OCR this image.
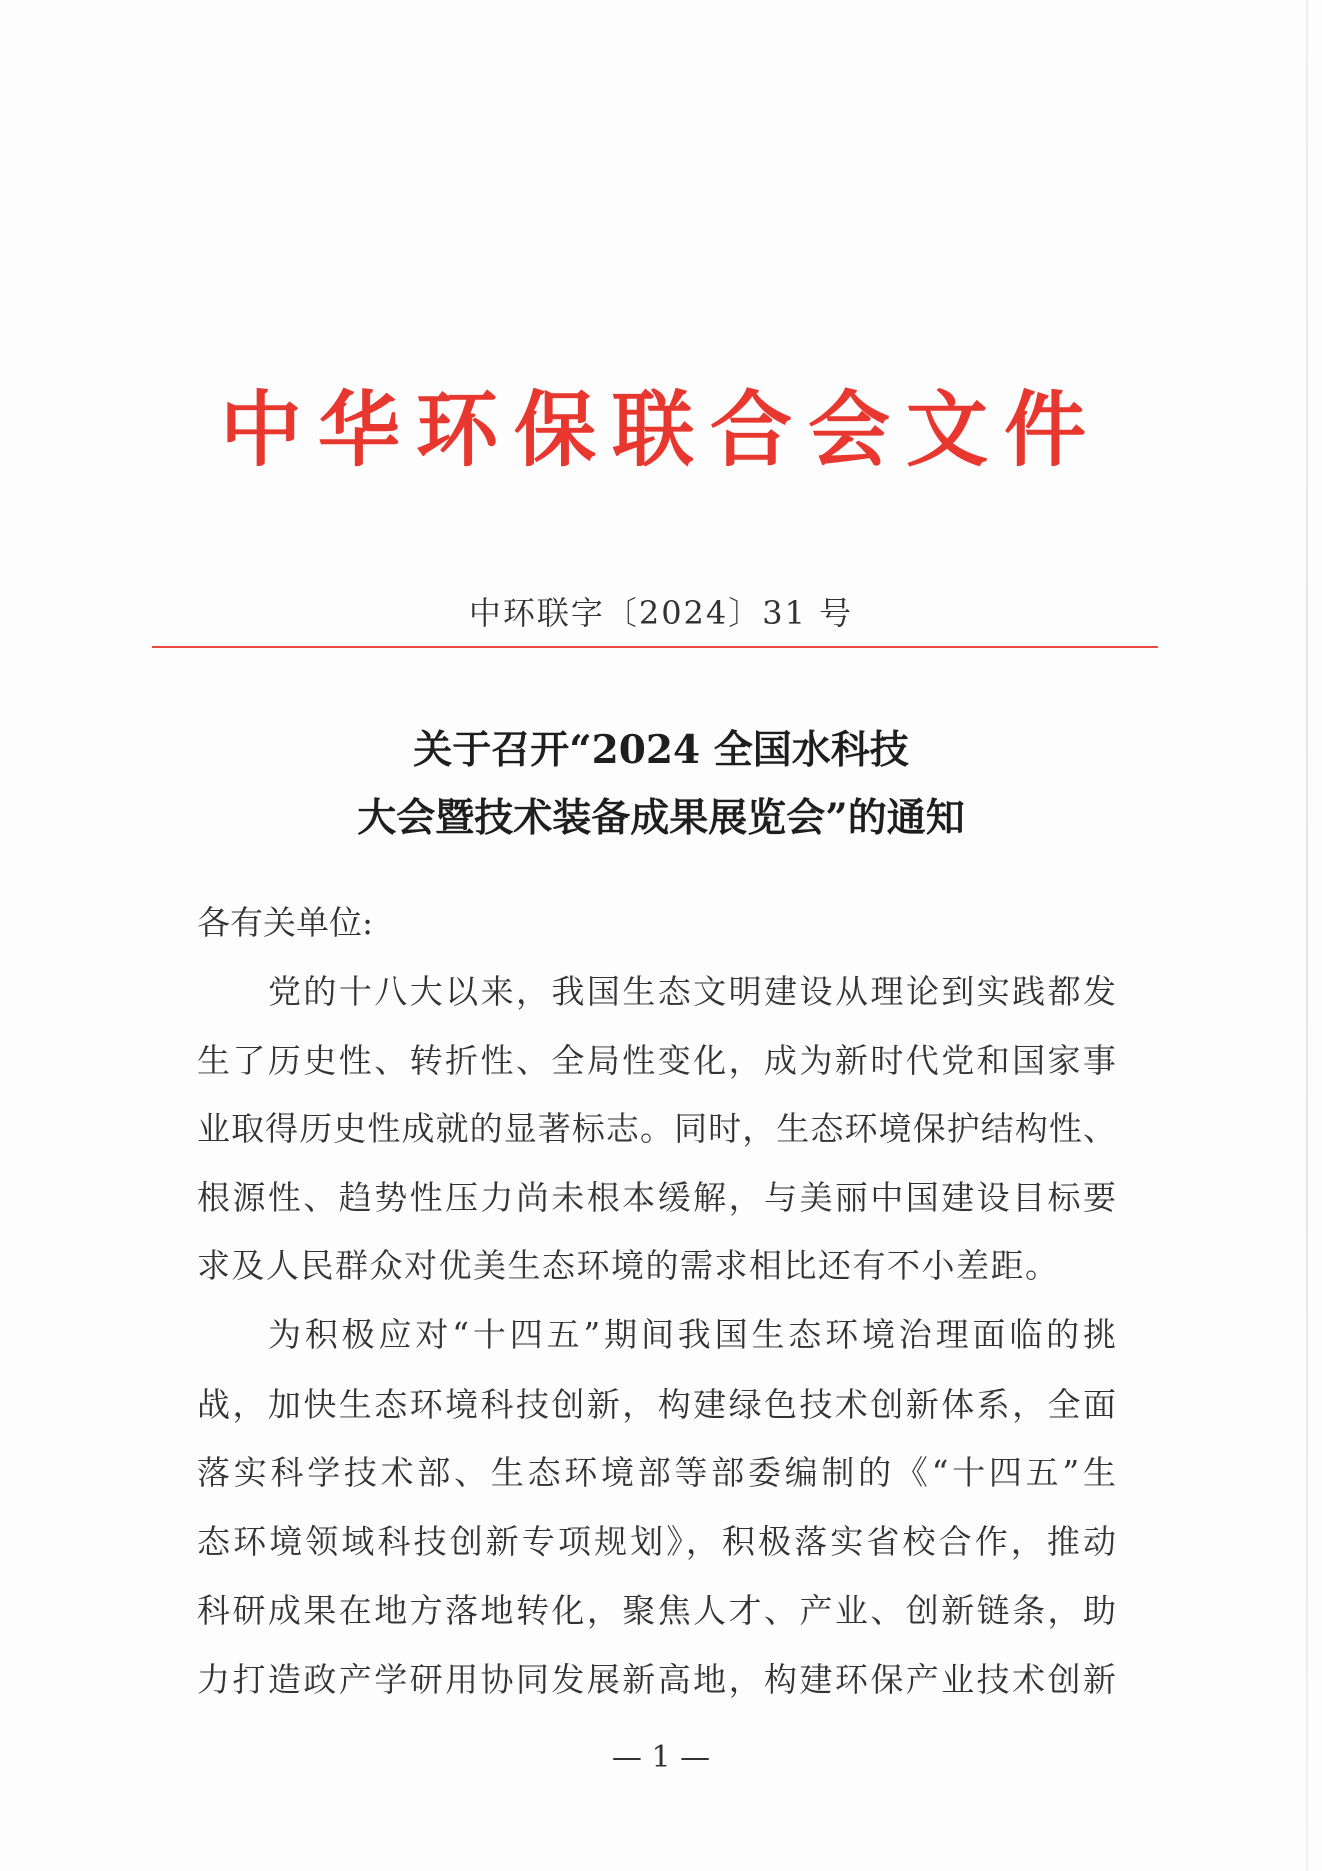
中华环保联合会文件
中环联字〔2024〕31 号
关于召开“2024 全国水科技
大会暨技术装备成果展览会”的通知
各有关单位:
党的十八大以来，我国生态文明建设从理论到实践都发
生了历史性、转折性、全局性变化，成为新时代党和国家事
业取得历史性成就的显著标志。同时，生态环境保护结构性、
根源性、趋势性压力尚未根本缓解，与美丽中国建设目标要
求及人民群众对优美生态环境的需求相比还有不小差距。
为积极应对“十四五”期间我国生态环境治理面临的挑
战，加快生态环境科技创新，构建绿色技术创新体系，全面
落实科学技术部、生态环境部等部委编制的《“十四五”生
态环境领域科技创新专项规划》，积极落实省校合作，推动
科研成果在地方落地转化，聚焦人才、产业、创新链条，助
力打造政产学研用协同发展新高地，构建环保产业技术创新
— 1 —
